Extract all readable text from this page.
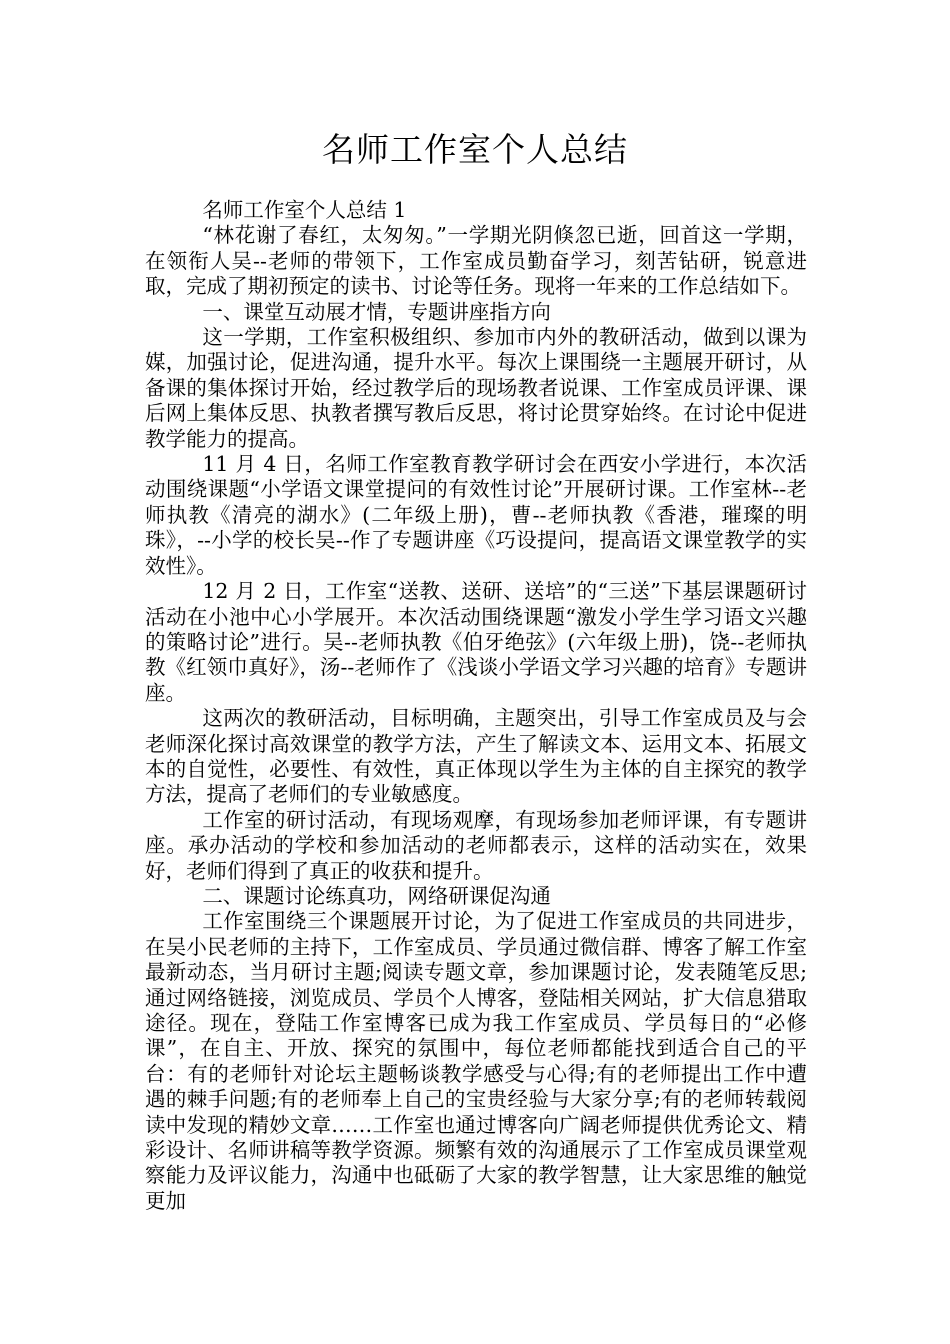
名师工作室个人总结

名师工作室个人总结 1

“林花谢了春红，太匆匆。”一学期光阴倏忽已逝，回首这一学期，在领衔人吴--老师的带领下，工作室成员勤奋学习，刻苦钻研，锐意进取，完成了期初预定的读书、讨论等任务。现将一年来的工作总结如下。

一、课堂互动展才情，专题讲座指方向

这一学期，工作室积极组织、参加市内外的教研活动，做到以课为媒，加强讨论，促进沟通，提升水平。每次上课围绕一主题展开研讨，从备课的集体探讨开始，经过教学后的现场教者说课、工作室成员评课、课后网上集体反思、执教者撰写教后反思，将讨论贯穿始终。在讨论中促进教学能力的提高。

11 月 4 日，名师工作室教育教学研讨会在西安小学进行，本次活动围绕课题“小学语文课堂提问的有效性讨论”开展研讨课。工作室林--老师执教《清亮的湖水》(二年级上册)，曹--老师执教《香港，璀璨的明珠》，--小学的校长吴--作了专题讲座《巧设提问，提高语文课堂教学的实效性》。

12 月 2 日，工作室“送教、送研、送培”的“三送”下基层课题研讨活动在小池中心小学展开。本次活动围绕课题“激发小学生学习语文兴趣的策略讨论”进行。吴--老师执教《伯牙绝弦》(六年级上册)，饶--老师执教《红领巾真好》，汤--老师作了《浅谈小学语文学习兴趣的培育》专题讲座。

这两次的教研活动，目标明确，主题突出，引导工作室成员及与会老师深化探讨高效课堂的教学方法，产生了解读文本、运用文本、拓展文本的自觉性，必要性、有效性，真正体现以学生为主体的自主探究的教学方法，提高了老师们的专业敏感度。

工作室的研讨活动，有现场观摩，有现场参加老师评课，有专题讲座。承办活动的学校和参加活动的老师都表示，这样的活动实在，效果好，老师们得到了真正的收获和提升。

二、课题讨论练真功，网络研课促沟通

工作室围绕三个课题展开讨论，为了促进工作室成员的共同进步，在吴小民老师的主持下，工作室成员、学员通过微信群、博客了解工作室最新动态，当月研讨主题;阅读专题文章，参加课题讨论，发表随笔反思;通过网络链接，浏览成员、学员个人博客，登陆相关网站，扩大信息猎取途径。现在，登陆工作室博客已成为我工作室成员、学员每日的“必修课”，在自主、开放、探究的氛围中，每位老师都能找到适合自己的平台：有的老师针对论坛主题畅谈教学感受与心得;有的老师提出工作中遭遇的棘手问题;有的老师奉上自己的宝贵经验与大家分享;有的老师转载阅读中发现的精妙文章……工作室也通过博客向广阔老师提供优秀论文、精彩设计、名师讲稿等教学资源。频繁有效的沟通展示了工作室成员课堂观察能力及评议能力，沟通中也砥砺了大家的教学智慧，让大家思维的触觉更加
